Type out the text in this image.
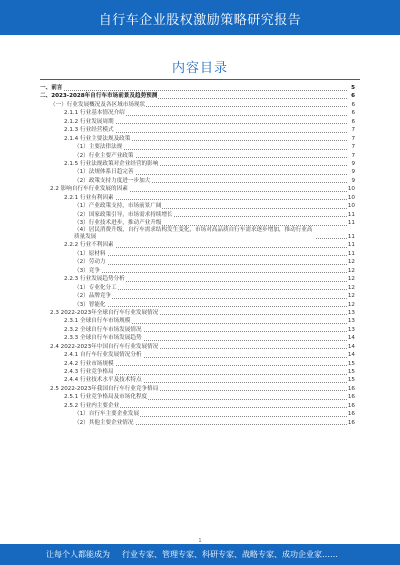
自行车企业股权激励策略研究报告
内容目录
一、前言	5
二、2023-2028年自行车市场前景及趋势预测	6
（一）行业发展概况及各区域市场现状	6
2.1.1 行业基本情况介绍	6
2.1.2 行业发展周期	6
2.1.3 行业经营模式	7
2.1.4 行业主要法规及政策	7
（1）主要法律法规	7
（2）行业主要产业政策	7
2.1.5 行业法规政策对企业经营的影响	9
（1）法规体系日趋完善	9
（2）政策支持力度进一步加大	9
2.2 影响自行车行业发展的因素	10
2.2.1 行业有利因素	10
（1）产业政策支持，市场前景广阔	10
（2）国家政策引导，市场需求持续增长	11
（3）行业技术进步，推动产业升级	11
（4）居民消费升级，自行车需求结构发生变化，市场对高品质自行车需求逐步增加，推动行业高质量发展	11
2.2.2 行业不利因素	11
（1）原材料	11
（2）劳动力	12
（3）竞争	12
2.2.3 行业发展趋势分析	12
（1）专业化分工	12
（2）品牌竞争	12
（3）智能化	12
2.3 2022-2023年全球自行车行业发展情况	13
2.3.1 全球自行车市场规模	13
2.3.2 全球自行车市场发展情况	13
2.3.3 全球自行车市场发展趋势	14
2.4 2022-2023年中国自行车行业发展情况	14
2.4.1 自行车行业发展情况分析	14
2.4.2 行业市场规模	15
2.4.3 行业竞争格局	15
2.4.4 行业技术水平及技术特点	15
2.5 2022-2023年我国自行车行业竞争格局	16
2.5.1 行业竞争格局及市场化程度	16
2.5.2 行业内主要企业	16
（1）自行车主要企业发展	16
（2）其他主要企业情况	16
1
让每个人都能成为 行业专家、管理专家、科研专家、战略专家、成功企业家……
